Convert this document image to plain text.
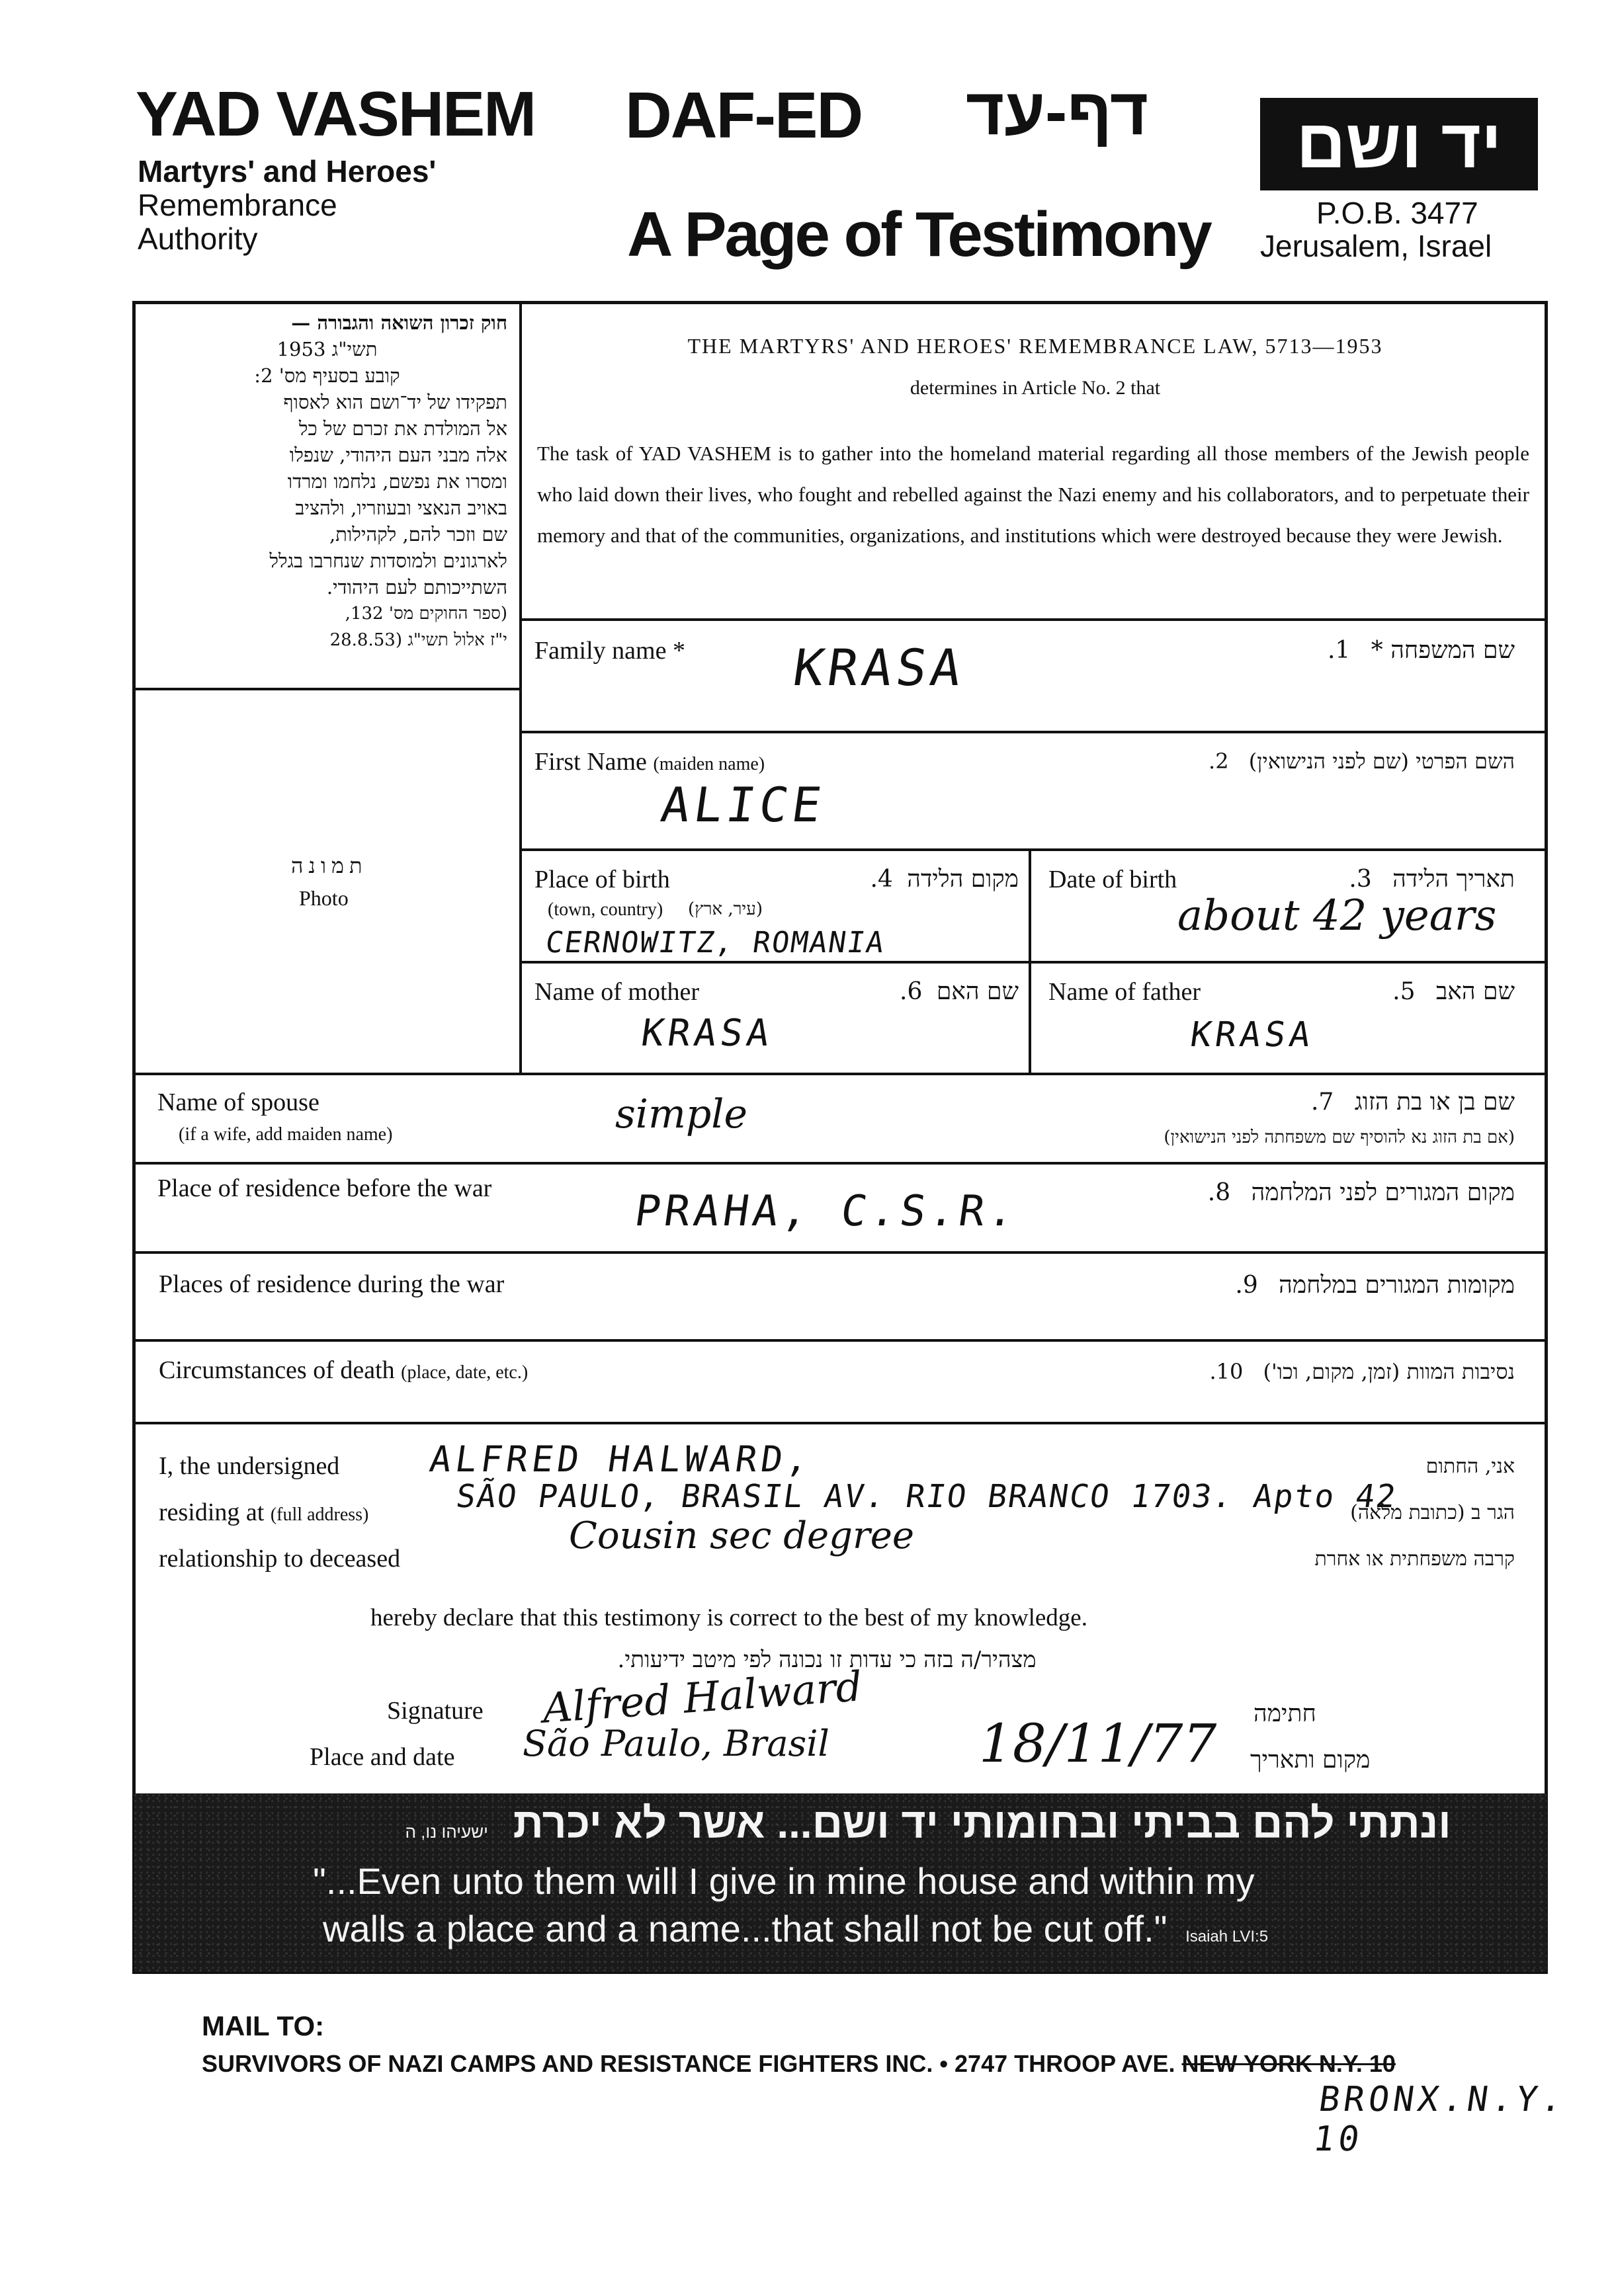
YAD VASHEM
Martyrs' and Heroes'
Remembrance
Authority
DAF-ED דף-עד
A Page of Testimony
יד ושם
P.O.B. 3477
Jerusalem, Israel
חוק זכרון השואה והגבורה —
תשי"ג 1953
קובע בסעיף מס' 2:
תפקידו של יד־ושם הוא לאסוף
אל המולדת את זכרם של כל
אלה מבני העם היהודי, שנפלו
ומסרו את נפשם, נלחמו ומרדו
באויב הנאצי ובעוזריו, ולהציב
שם וזכר להם, לקהילות,
לארגונים ולמוסדות שנחרבו בגלל
השתייכותם לעם היהודי.
(ספר החוקים מס' 132,
י"ז אלול תשי"ג (28.8.53
תמונה
Photo
THE MARTYRS' AND HEROES' REMEMBRANCE LAW, 5713—1953
determines in Article No. 2 that
The task of YAD VASHEM is to gather into the homeland material regarding all those members of the Jewish people who laid down their lives, who fought and rebelled against the Nazi enemy and his collaborators, and to perpetuate their memory and that of the communities, organizations, and institutions which were destroyed because they were Jewish.
Family name *	שם המשפחה * 1.
KRASA
First Name (maiden name)	השם הפרטי (שם לפני הנישואין) 2.
ALICE
Place of birth
(town, country)
מקום הלידה 4.
(עיר, ארץ)
CERNOWITZ, ROMANIA
Date of birth	תאריך הלידה 3.
about 42 years
Name of mother	שם האם 6.
KRASA
Name of father	שם האב 5.
KRASA
Name of spouse
(if a wife, add maiden name)
שם בן או בת הזוג 7.
(אם בת הזוג נא להוסיף שם משפחתה לפני הנישואין)
simple
Place of residence before the war	מקום המגורים לפני המלחמה 8.
PRAHA, C.S.R.
Places of residence during the war	מקומות המגורים במלחמה 9.
Circumstances of death (place, date, etc.)	נסיבות המוות (זמן, מקום, וכו') 10.
I, the undersigned	אני, החתום
ALFRED HALWARD,
residing at (full address)	הגר ב (כתובת מלאה)
SÃO PAULO, BRASIL AV. RIO BRANCO 1703. Apto 42
relationship to deceased	קרבה משפחתית או אחרת
Cousin sec degree
hereby declare that this testimony is correct to the best of my knowledge.
מצהיר/ה בזה כי עדות זו נכונה לפי מיטב ידיעותי.
Signature Alfred Halward	חתימה
Place and date São Paulo, Brasil	18/11/77 מקום ותאריך
ונתתי להם בביתי ובחומותי יד ושם... אשר לא יכרת ישעיהו נו, ה
"...Even unto them will I give in mine house and within my
walls a place and a name...that shall not be cut off." Isaiah LVI:5
MAIL TO:
SURVIVORS OF NAZI CAMPS AND RESISTANCE FIGHTERS INC. • 2747 THROOP AVE. NEW YORK N.Y. 10
BRONX.N.Y. 10
